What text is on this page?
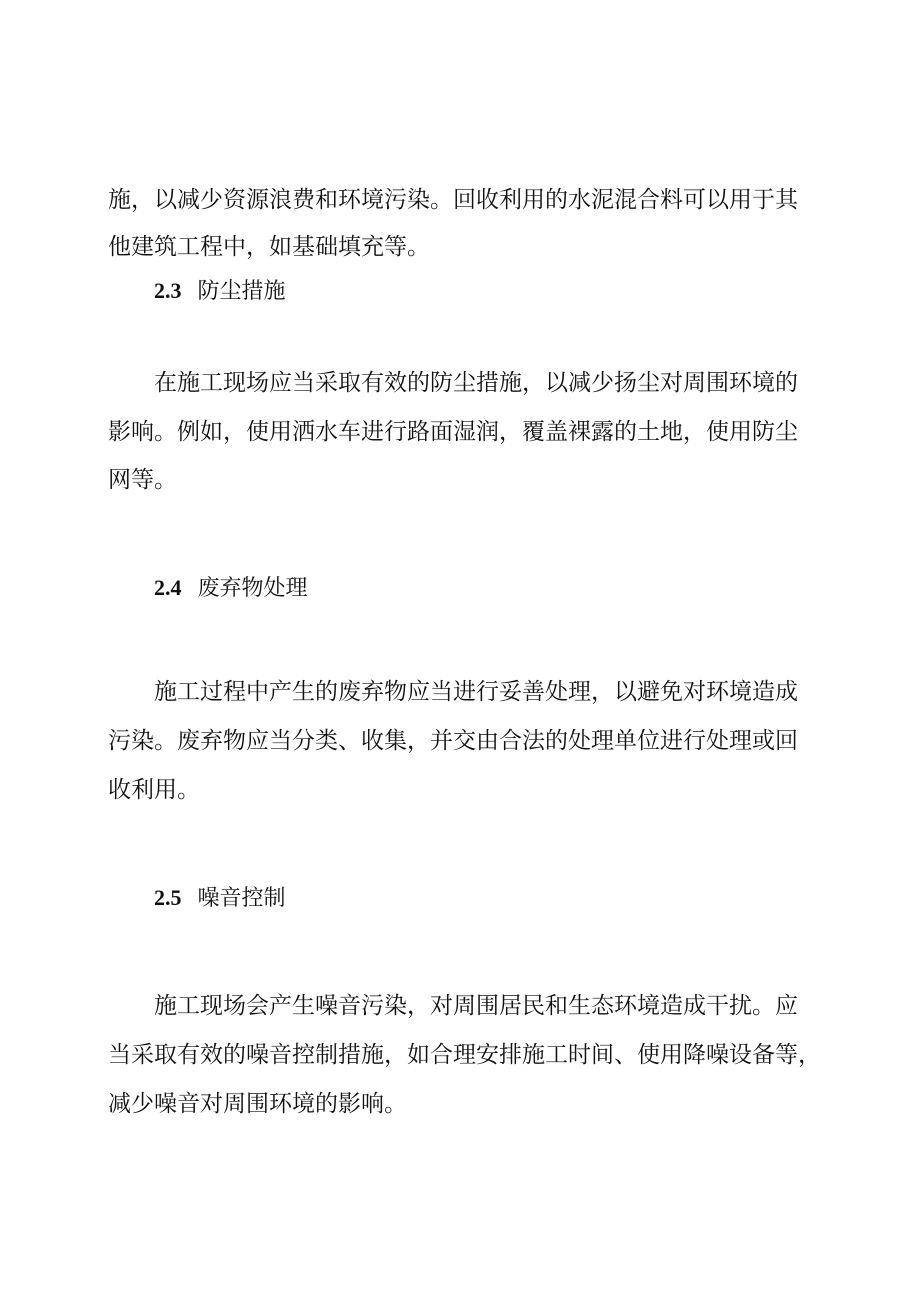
施，以减少资源浪费和环境污染。回收利用的水泥混合料可以用于其
他建筑工程中，如基础填充等。
2.3 防尘措施
在施工现场应当采取有效的防尘措施，以减少扬尘对周围环境的
影响。例如，使用洒水车进行路面湿润，覆盖裸露的土地，使用防尘
网等。
2.4 废弃物处理
施工过程中产生的废弃物应当进行妥善处理，以避免对环境造成
污染。废弃物应当分类、收集，并交由合法的处理单位进行处理或回
收利用。
2.5 噪音控制
施工现场会产生噪音污染，对周围居民和生态环境造成干扰。应
当采取有效的噪音控制措施，如合理安排施工时间、使用降噪设备等，
减少噪音对周围环境的影响。
